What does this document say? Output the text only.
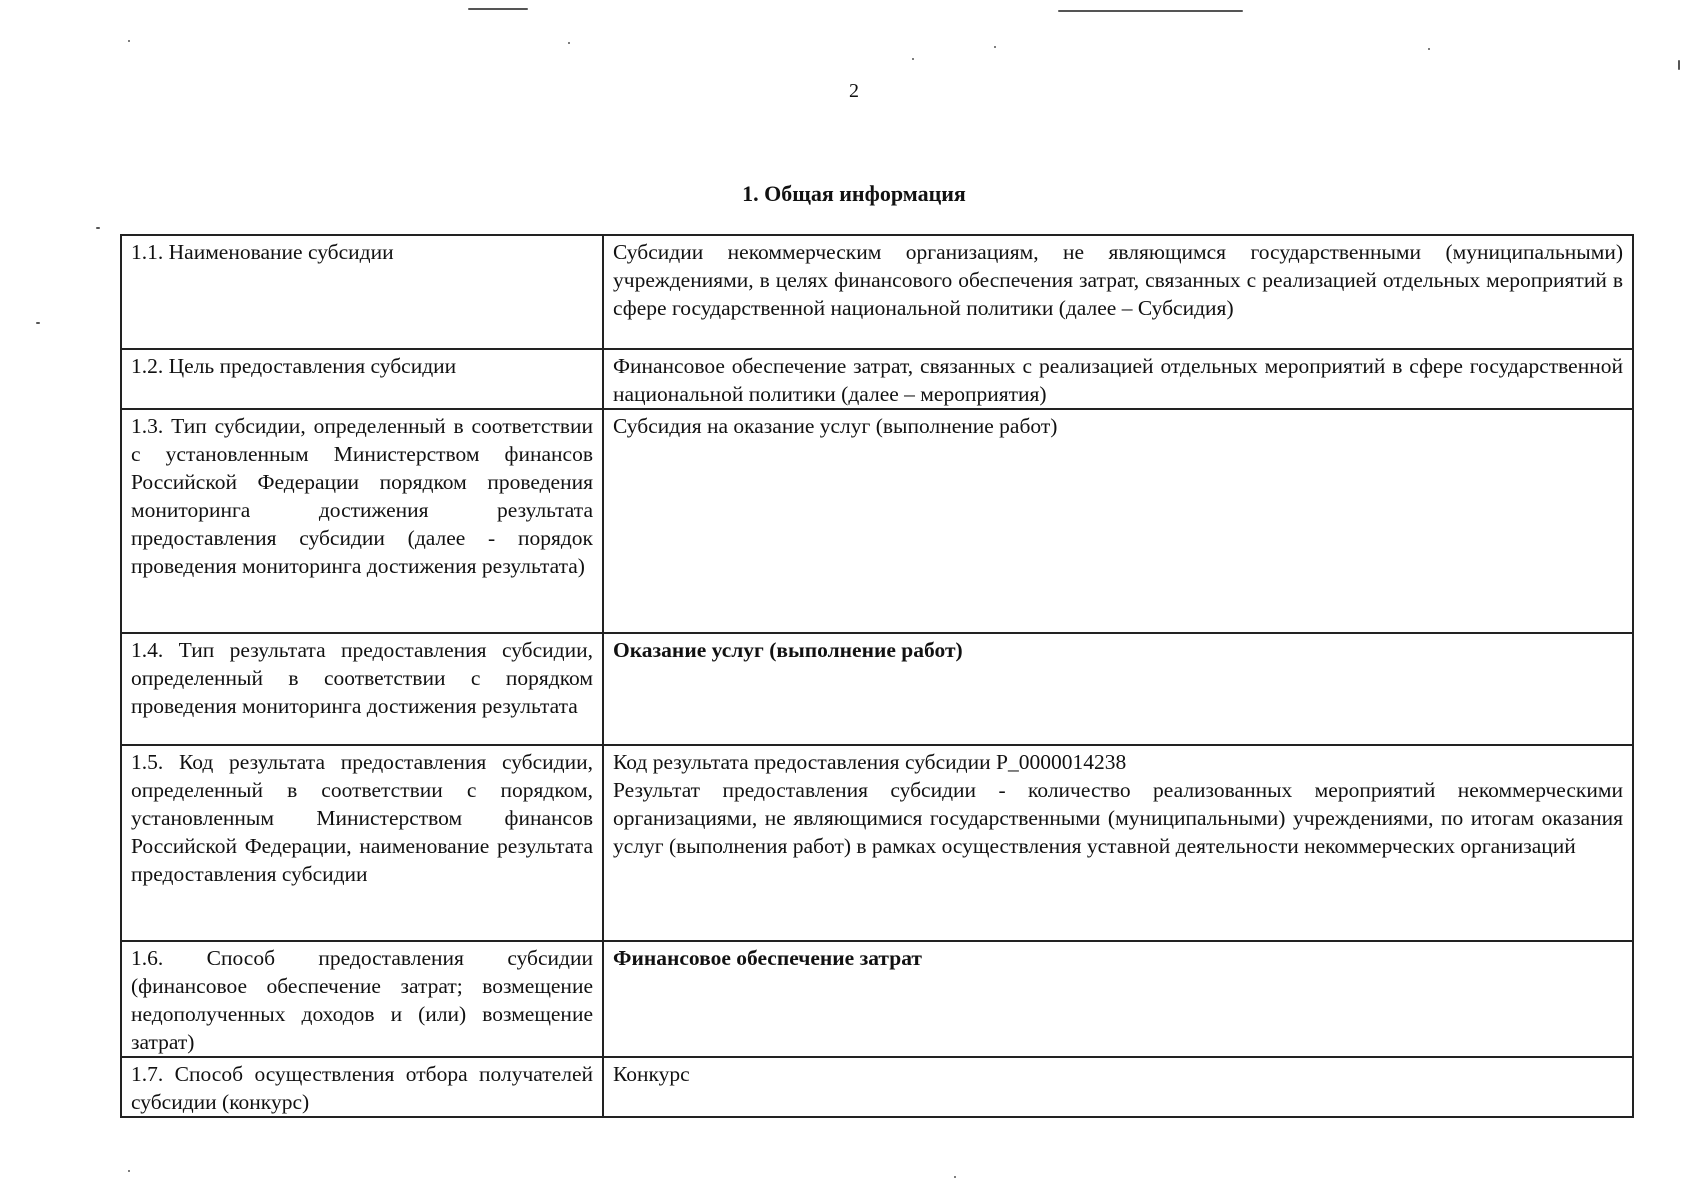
2
1. Общая информация
1.1. Наименование субсидии	Субсидии некоммерческим организациям, не являющимся государственными (муниципальными) учреждениями, в целях финансового обеспечения затрат, связанных с реализацией отдельных мероприятий в сфере государственной национальной политики (далее – Субсидия)
1.2. Цель предоставления субсидии	Финансовое обеспечение затрат, связанных с реализацией отдельных мероприятий в сфере государственной национальной политики (далее – мероприятия)
1.3. Тип субсидии, определенный в соответствии с установленным Министерством финансов Российской Федерации порядком проведения мониторинга достижения результата предоставления субсидии (далее - порядок проведения мониторинга достижения результата)	Субсидия на оказание услуг (выполнение работ)
1.4. Тип результата предоставления субсидии, определенный в соответствии с порядком проведения мониторинга достижения результата	Оказание услуг (выполнение работ)
1.5. Код результата предоставления субсидии, определенный в соответствии с порядком, установленным Министерством финансов Российской Федерации, наименование результата предоставления субсидии	Код результата предоставления субсидии P_0000014238
Результат предоставления субсидии - количество реализованных мероприятий некоммерческими организациями, не являющимися государственными (муниципальными) учреждениями, по итогам оказания услуг (выполнения работ) в рамках осуществления уставной деятельности некоммерческих организаций

1.6. Способ предоставления субсидии (финансовое обеспечение затрат; возмещение недополученных доходов и (или) возмещение затрат)	Финансовое обеспечение затрат
1.7. Способ осуществления отбора получателей субсидии (конкурс)	Конкурс
